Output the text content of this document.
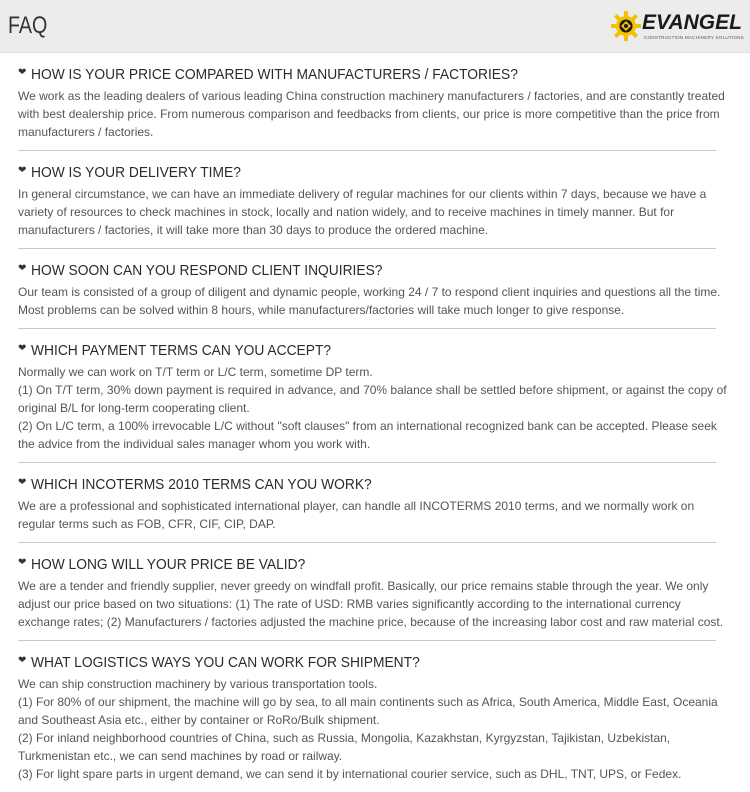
FAQ	EVANGEL
CONSTRUCTION MACHINERY SOLUTIONS
❤ HOW IS YOUR PRICE COMPARED WITH MANUFACTURERS / FACTORIES?

We work as the leading dealers of various leading China construction machinery manufacturers / factories, and are constantly treated with best dealership price. From numerous comparison and feedbacks from clients, our price is more competitive than the price from manufacturers / factories.

❤ HOW IS YOUR DELIVERY TIME?

In general circumstance, we can have an immediate delivery of regular machines for our clients within 7 days, because we have a variety of resources to check machines in stock, locally and nation widely, and to receive machines in timely manner. But for manufacturers / factories, it will take more than 30 days to produce the ordered machine.

❤ HOW SOON CAN YOU RESPOND CLIENT INQUIRIES?

Our team is consisted of a group of diligent and dynamic people, working 24 / 7 to respond client inquiries and questions all the time. Most problems can be solved within 8 hours, while manufacturers/factories will take much longer to give response.

❤ WHICH PAYMENT TERMS CAN YOU ACCEPT?

Normally we can work on T/T term or L/C term, sometime DP term.

(1) On T/T term, 30% down payment is required in advance, and 70% balance shall be settled before shipment, or against the copy of original B/L for long-term cooperating client.

(2) On L/C term, a 100% irrevocable L/C without "soft clauses" from an international recognized bank can be accepted. Please seek the advice from the individual sales manager whom you work with.

❤ WHICH INCOTERMS 2010 TERMS CAN YOU WORK?

We are a professional and sophisticated international player, can handle all INCOTERMS 2010 terms, and we normally work on regular terms such as FOB, CFR, CIF, CIP, DAP.

❤ HOW LONG WILL YOUR PRICE BE VALID?

We are a tender and friendly supplier, never greedy on windfall profit. Basically, our price remains stable through the year. We only adjust our price based on two situations: (1) The rate of USD: RMB varies significantly according to the international currency exchange rates; (2) Manufacturers / factories adjusted the machine price, because of the increasing labor cost and raw material cost.

❤ WHAT LOGISTICS WAYS YOU CAN WORK FOR SHIPMENT?

We can ship construction machinery by various transportation tools.

(1) For 80% of our shipment, the machine will go by sea, to all main continents such as Africa, South America, Middle East, Oceania and Southeast Asia etc., either by container or RoRo/Bulk shipment.

(2) For inland neighborhood countries of China, such as Russia, Mongolia, Kazakhstan, Kyrgyzstan, Tajikistan, Uzbekistan, Turkmenistan etc., we can send machines by road or railway.

(3) For light spare parts in urgent demand, we can send it by international courier service, such as DHL, TNT, UPS, or Fedex.
